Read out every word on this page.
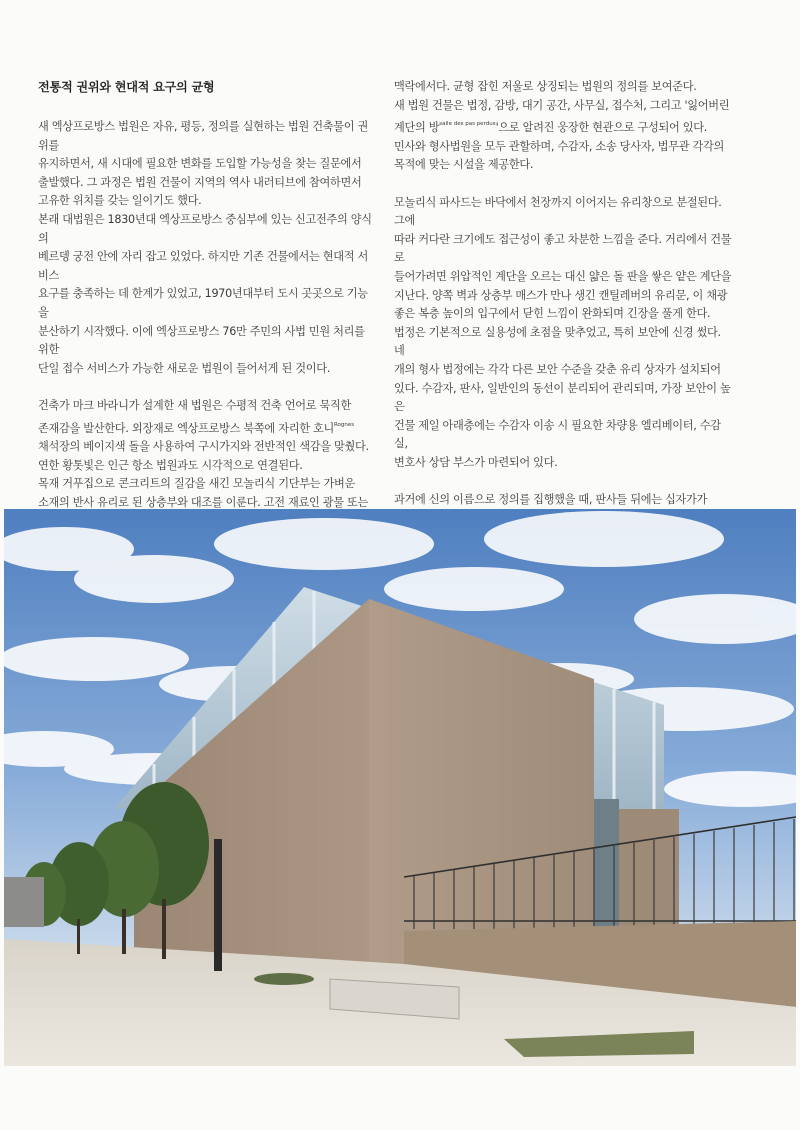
전통적 권위와 현대적 요구의 균형

새 엑상프로방스 법원은 자유, 평등, 정의를 실현하는 법원 건축물이 권위를
유지하면서, 새 시대에 필요한 변화를 도입할 가능성을 찾는 질문에서
출발했다. 그 과정은 법원 건물이 지역의 역사 내러티브에 참여하면서
고유한 위치를 갖는 일이기도 했다.
본래 대법원은 1830년대 엑상프로방스 중심부에 있는 신고전주의 양식의
베르뎅 궁전 안에 자리 잡고 있었다. 하지만 기존 건물에서는 현대적 서비스
요구를 충족하는 데 한계가 있었고, 1970년대부터 도시 곳곳으로 기능을
분산하기 시작했다. 이에 엑상프로방스 76만 주민의 사법 민원 처리를 위한
단일 접수 서비스가 가능한 새로운 법원이 들어서게 된 것이다.

건축가 마크 바라니가 설계한 새 법원은 수평적 건축 언어로 묵직한
존재감을 발산한다. 외장재로 엑상프로방스 북쪽에 자리한 호니$^{Rognes}$
채석장의 베이지색 돌을 사용하여 구시가지와 전반적인 색감을 맞췄다.
연한 황톳빛은 인근 항소 법원과도 시각적으로 연결된다.
목재 거푸집으로 콘크리트의 질감을 새긴 모놀리식 기단부는 가벼운
소재의 반사 유리로 된 상층부와 대조를 이룬다. 고전 재료인 광물 또는

맥락에서다. 균형 잡힌 저울로 상징되는 법원의 정의를 보여준다.
새 법원 건물은 법정, 감방, 대기 공간, 사무실, 접수처, 그리고 '잃어버린
계단의 방$^{salle des pas perdus}$'으로 알려진 웅장한 현관으로 구성되어 있다.
민사와 형사법원을 모두 관할하며, 수감자, 소송 당사자, 법무관 각각의
목적에 맞는 시설을 제공한다.

모놀리식 파사드는 바닥에서 천장까지 이어지는 유리창으로 분절된다. 그에
따라 커다란 크기에도 접근성이 좋고 차분한 느낌을 준다. 거리에서 건물로
들어가려면 위압적인 계단을 오르는 대신 얇은 돌 판을 쌓은 얕은 계단을
지난다. 양쪽 벽과 상층부 매스가 만나 생긴 캔틸레버의 유리문, 이 채광
좋은 복층 높이의 입구에서 닫힌 느낌이 완화되며 긴장을 풀게 한다.
법정은 기본적으로 실용성에 초점을 맞추었고, 특히 보안에 신경 썼다. 네
개의 형사 법정에는 각각 다른 보안 수준을 갖춘 유리 상자가 설치되어
있다. 수감자, 판사, 일반인의 동선이 분리되어 관리되며, 가장 보안이 높은
건물 제일 아래층에는 수감자 이송 시 필요한 차량용 엘리베이터, 수감실,
변호사 상담 부스가 마련되어 있다.

과거에 신의 이름으로 정의를 집행했을 때, 판사들 뒤에는 십자가가
